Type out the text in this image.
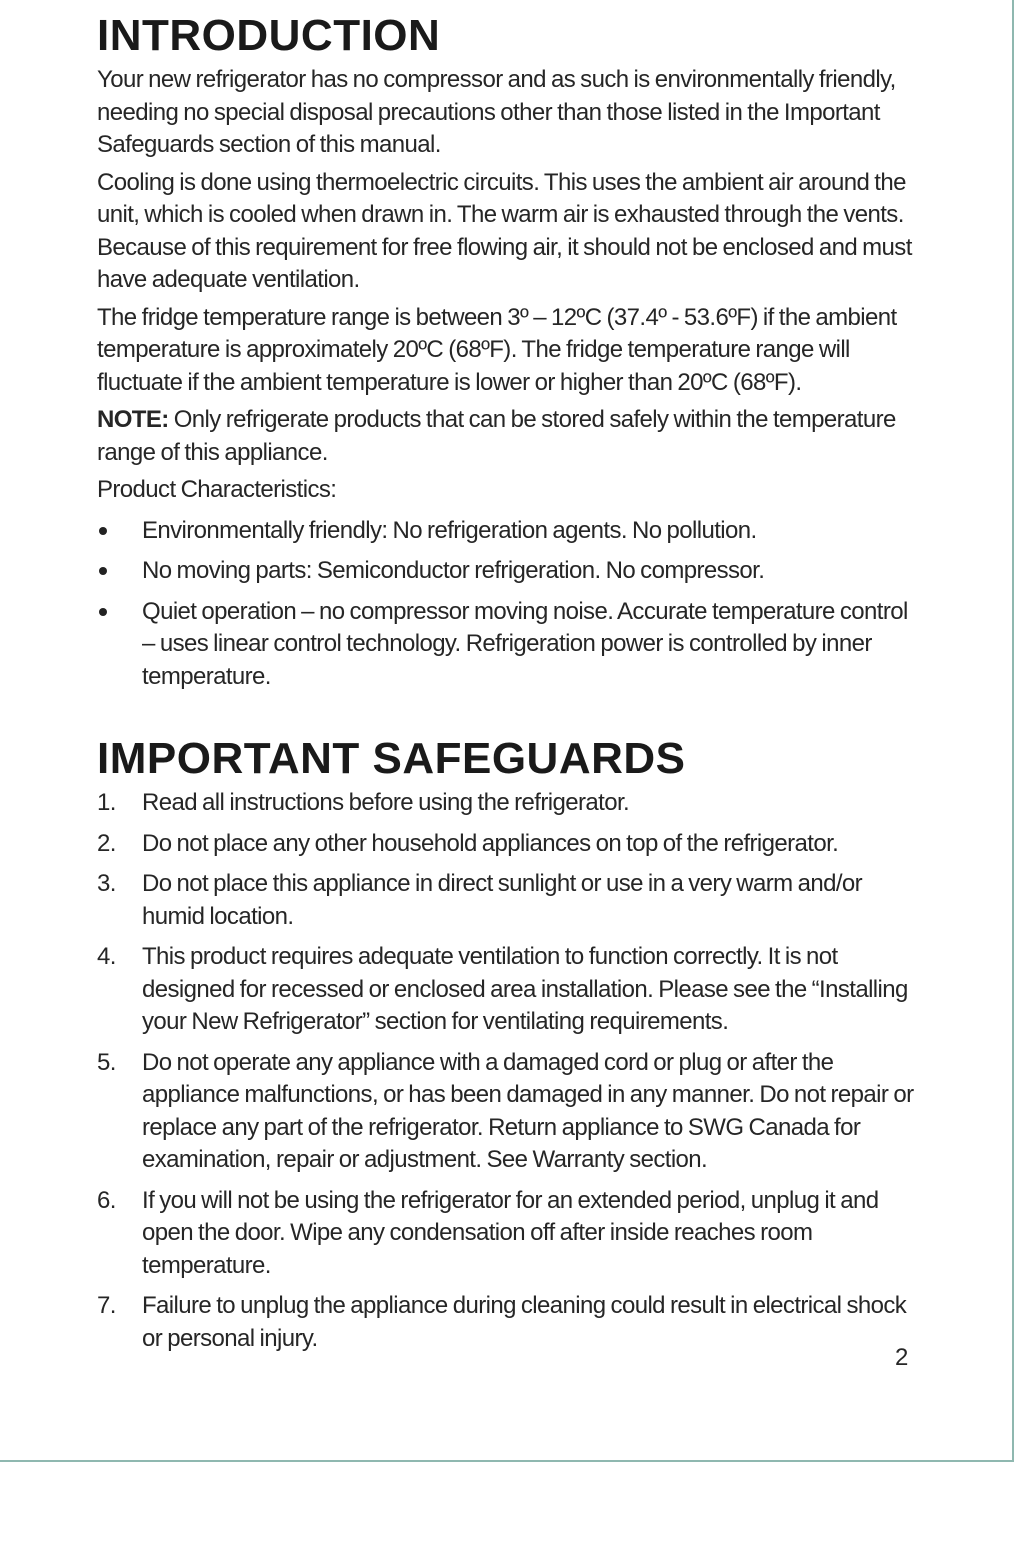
INTRODUCTION

Your new refrigerator has no compressor and as such is environmentally friendly, needing no special disposal precautions other than those listed in the Important Safeguards section of this manual.

Cooling is done using thermoelectric circuits. This uses the ambient air around the unit, which is cooled when drawn in. The warm air is exhausted through the vents. Because of this requirement for free flowing air, it should not be enclosed and must have adequate ventilation.

The fridge temperature range is between 3º – 12ºC (37.4º - 53.6ºF) if the ambient temperature is approximately 20ºC (68ºF). The fridge temperature range will fluctuate if the ambient temperature is lower or higher than 20ºC (68ºF).

NOTE: Only refrigerate products that can be stored safely within the temperature range of this appliance.

Product Characteristics:

Environmentally friendly: No refrigeration agents. No pollution.
No moving parts: Semiconductor refrigeration. No compressor.
Quiet operation – no compressor moving noise. Accurate temperature control – uses linear control technology. Refrigeration power is controlled by inner temperature.
IMPORTANT SAFEGUARDS
1. Read all instructions before using the refrigerator.
2. Do not place any other household appliances on top of the refrigerator.
3. Do not place this appliance in direct sunlight or use in a very warm and/or humid location.
4. This product requires adequate ventilation to function correctly. It is not designed for recessed or enclosed area installation. Please see the “Installing your New Refrigerator” section for ventilating requirements.
5. Do not operate any appliance with a damaged cord or plug or after the appliance malfunctions, or has been damaged in any manner. Do not repair or replace any part of the refrigerator. Return appliance to SWG Canada for examination, repair or adjustment. See Warranty section.
6. If you will not be using the refrigerator for an extended period, unplug it and open the door. Wipe any condensation off after inside reaches room temperature.
7. Failure to unplug the appliance during cleaning could result in electrical shock or personal injury.
2
